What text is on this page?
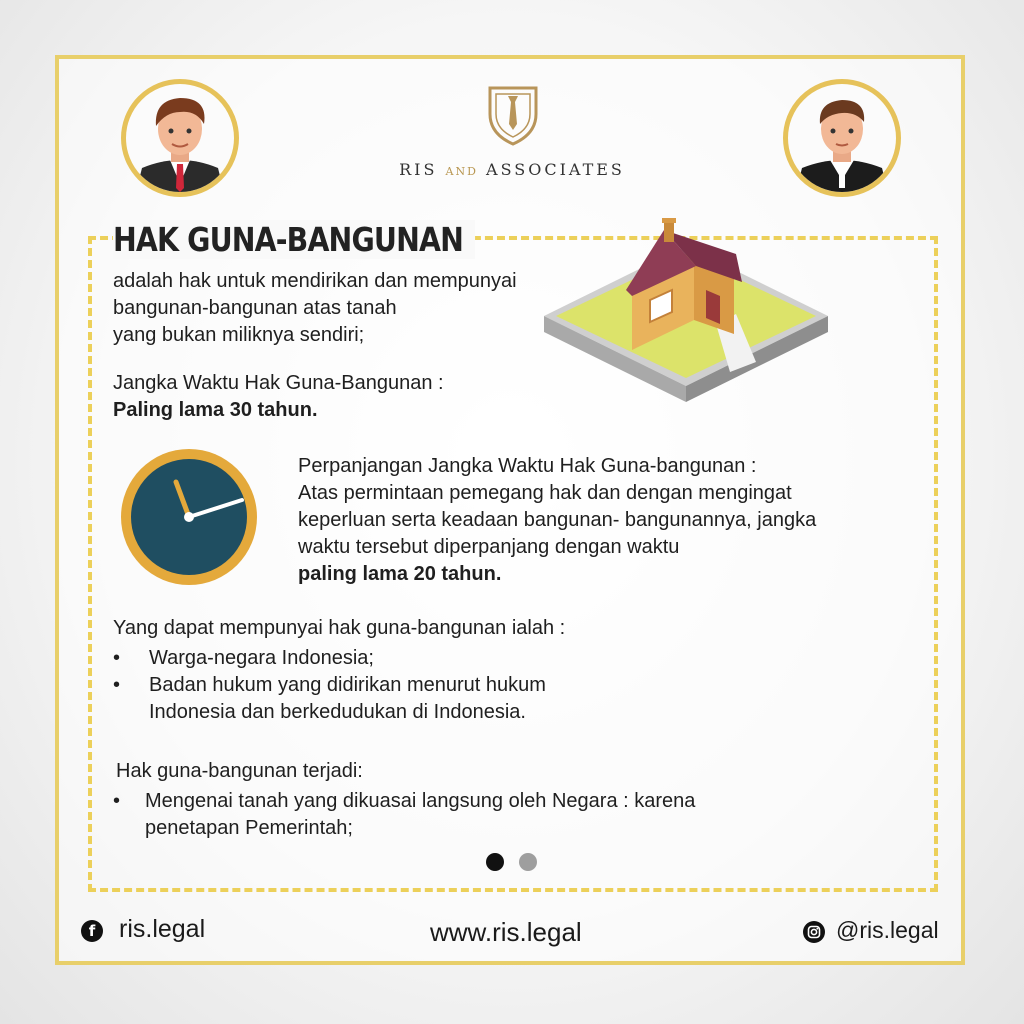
RIS AND ASSOCIATES
HAK GUNA-BANGUNAN
adalah hak untuk mendirikan dan mempunyai
bangunan-bangunan atas tanah
yang bukan miliknya sendiri;
Jangka Waktu Hak Guna-Bangunan :
Paling lama 30 tahun.
Perpanjangan Jangka Waktu Hak Guna-bangunan :
Atas permintaan pemegang hak dan dengan mengingat
keperluan serta keadaan bangunan- bangunannya, jangka
waktu tersebut diperpanjang dengan waktu
paling lama 20 tahun.
Yang dapat mempunyai hak guna-bangunan ialah :
• Warga-negara Indonesia;
• Badan hukum yang didirikan menurut hukum
Indonesia dan berkedudukan di Indonesia.
Hak guna-bangunan terjadi:
• Mengenai tanah yang dikuasai langsung oleh Negara : karena
penetapan Pemerintah;
f ris.legal	www.ris.legal	@ris.legal
